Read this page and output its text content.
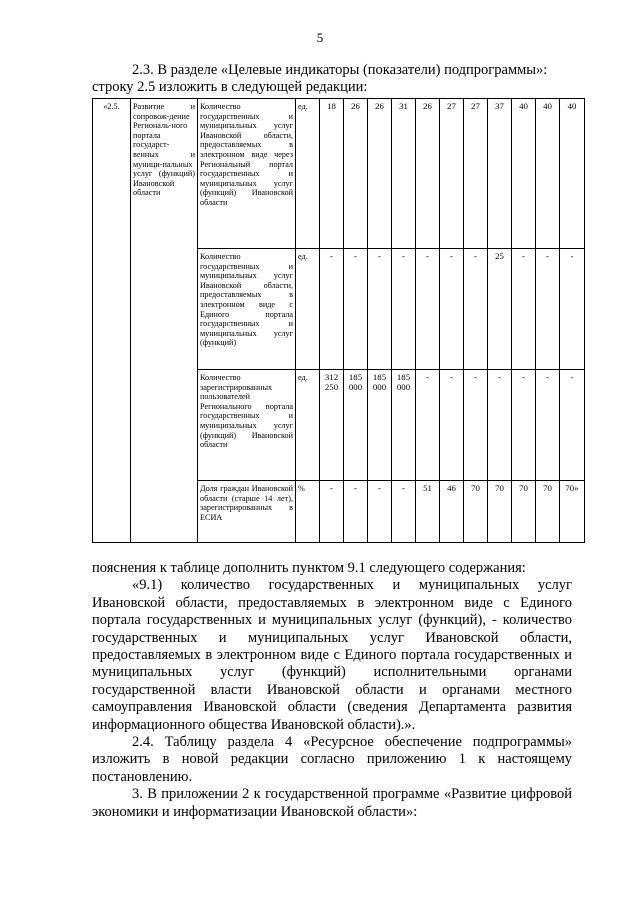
5
2.3. В разделе «Целевые индикаторы (показатели) подпрограммы»:
строку 2.5 изложить в следующей редакции:
«2.5.	Развитие и сопровож-дение Региональ-ного портала государст-венных и муници-пальных услуг (функций) Ивановской области	Количество государственных и муниципальных услуг Ивановской области, предоставляемых в электронном виде через Региональный портал государственных и муниципальных услуг (функций) Ивановской области	ед.	18	26	26	31	26	27	27	37	40	40	40
		Количество государственных и муниципальных услуг Ивановской области, предоставляемых в электронном виде с Единого портала государственных и муниципальных услуг (функций)	ед.	-	-	-	-	-	-	-	25	-	-	-
		Количество зарегистрированных пользователей Регионального портала государственных и муниципальных услуг (функций) Ивановской области	ед.	312 250	185 000	185 000	185 000	-	-	-	-	-	-	-
		Доля граждан Ивановской области (старше 14 лет), зарегистрированных в ЕСИА	%	-	-	-	-	51	46	70	70	70	70	70»

пояснения к таблице дополнить пунктом 9.1 следующего содержания:

«9.1) количество государственных и муниципальных услуг Ивановской области, предоставляемых в электронном виде с Единого портала государственных и муниципальных услуг (функций), - количество государственных и муниципальных услуг Ивановской области, предоставляемых в электронном виде с Единого портала государственных и муниципальных услуг (функций) исполнительными органами государственной власти Ивановской области и органами местного самоуправления Ивановской области (сведения Департамента развития информационного общества Ивановской области).».

2.4. Таблицу раздела 4 «Ресурсное обеспечение подпрограммы» изложить в новой редакции согласно приложению 1 к настоящему постановлению.

3. В приложении 2 к государственной программе «Развитие цифровой экономики и информатизации Ивановской области»:
